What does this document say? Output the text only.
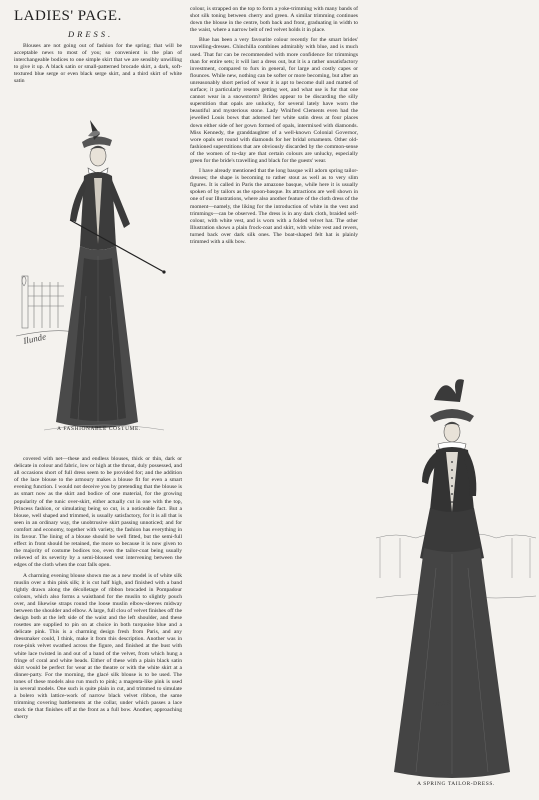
LADIES' PAGE.
DRESS.

Blouses are not going out of fashion for the spring; that will be acceptable news to most of you; so convenient is the plan of interchangeable bodices to one simple skirt that we are sensibly unwilling to give it up. A black satin or small-patterned brocade skirt, a dark, soft-textured blue serge or even black serge skirt, and a third skirt of white satin

Ilunde
A FASHIONABLE COSTUME.

covered with net—these and endless blouses, thick or thin, dark or delicate in colour and fabric, low or high at the throat, duly possessed, and all occasions short of full dress seem to be provided for; and the addition of the lace blouse to the armoury makes a blouse fit for even a smart evening function. I would not deceive you by pretending that the blouse is as smart now as the skirt and bodice of one material, for the growing popularity of the tunic over-skirt, either actually cut in one with the top, Princess fashion, or simulating being so cut, is a noticeable fact. But a blouse, well shaped and trimmed, is usually satisfactory, for it is all that is seen in an ordinary way, the unobtrusive skirt passing unnoticed; and for comfort and economy, together with variety, the fashion has everything in its favour. The lining of a blouse should be well fitted, but the semi-full effect in front should be retained, the more so because it is now given to the majority of costume bodices too, even the tailor-coat being usually relieved of its severity by a semi-bloused vest intervening between the edges of the cloth when the coat falls open.

A charming evening blouse shown me as a new model is of white silk muslin over a thin pink silk; it is cut half high, and finished with a band tightly drawn along the décolletage of ribbon brocaded in Pompadour colours, which also forms a waistband for the muslin to slightly pouch over, and likewise straps round the loose muslin elbow-sleeves midway between the shoulder and elbow. A large, full clou of velvet finishes off the design both at the left side of the waist and the left shoulder, and these rosettes are supplied to pin on at choice in both turquoise blue and a delicate pink. This is a charming design fresh from Paris, and any dressmaker could, I think, make it from this description. Another was in rose-pink velvet swathed across the figure, and finished at the bust with white lace twisted in and out of a band of the velvet, from which hung a fringe of coral and white beads. Either of these with a plain black satin skirt would be perfect for wear at the theatre or with the white skirt at a dinner-party. For the morning, the glacé silk blouse is to be used. The tones of these models also run much to pink; a magenta-like pink is used in several models. One such is quite plain in cut, and trimmed to simulate a bolero with lattice-work of narrow black velvet ribbon, the same trimming covering battlements at the collar, under which passes a lace stock tie that finishes off at the front as a full bow. Another, approaching cherry

colour, is strapped on the top to form a yoke-trimming with many bands of shot silk toning between cherry and green. A similar trimming continues down the blouse in the centre, both back and front, graduating in width to the waist, where a narrow belt of red velvet holds it in place.

Blue has been a very favourite colour recently for the smart brides' travelling-dresses. Chinchilla combines admirably with blue, and is much used. That fur can be recommended with more confidence for trimmings than for entire sets; it will last a dress out, but it is a rather unsatisfactory investment, compared to furs in general, for large and costly capes or flounces. While new, nothing can be softer or more becoming, but after an unreasonably short period of wear it is apt to become dull and matted of surface; it particularly resents getting wet, and what use is fur that one cannot wear in a snowstorm? Brides appear to be discarding the silly superstition that opals are unlucky, for several lately have worn the beautiful and mysterious stone. Lady Winifred Clements even had the jewelled Louis bows that adorned her white satin dress at four places down either side of her gown formed of opals, intermixed with diamonds. Miss Kennedy, the granddaughter of a well-known Colonial Governor, wore opals set round with diamonds for her bridal ornaments. Other old-fashioned superstitions that are obviously discarded by the common-sense of the women of to-day are that certain colours are unlucky, especially green for the bride's travelling and black for the guests' wear.

I have already mentioned that the long basque will adorn spring tailor-dresses; the shape is becoming to rather stout as well as to very slim figures. It is called in Paris the amazone basque, while here it is usually spoken of by tailors as the spoon-basque. Its attractions are well shown in one of our Illustrations, where also another feature of the cloth dress of the moment—namely, the liking for the introduction of white in the vest and trimmings—can be observed. The dress is in any dark cloth, braided self-colour, with white vest, and is worn with a folded velvet hat. The other Illustration shows a plain frock-coat and skirt, with white vest and revers, turned back over dark silk ones. The boat-shaped felt hat is plainly trimmed with a silk bow.

Ilunde
A SPRING TAILOR-DRESS.
